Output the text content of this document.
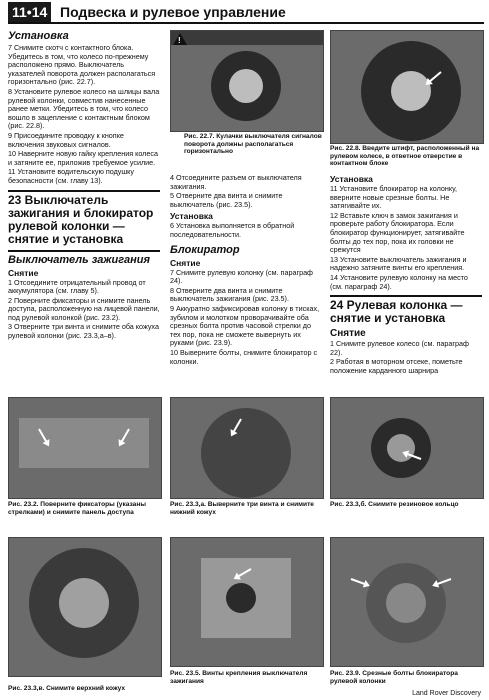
11•14 Подвеска и рулевое управление
Установка

7 Снимите скотч с контактного блока. Убедитесь в том, что колесо по-прежнему расположено прямо. Выключатель указателей поворота должен располагаться горизонтально (рис. 22.7).

8 Установите рулевое колесо на шлицы вала рулевой колонки, совместив нанесенные ранее метки. Убедитесь в том, что колесо вошло в зацепление с контактным блоком (рис. 22.8).

9 Присоедините проводку к кнопке включения звуковых сигналов.

10 Наверните новую гайку крепления колеса и затяните ее, приложив требуемое усилие.

11 Установите водительскую подушку безопасности (см. главу 13).

23 Выключатель зажигания и блокиратор рулевой колонки — снятие и установка
Выключатель зажигания
Снятие

1 Отсоедините отрицательный провод от аккумулятора (см. главу 5).

2 Поверните фиксаторы и снимите панель доступа, расположенную на лицевой панели, под рулевой колонкой (рис. 23.2).

3 Отверните три винта и снимите оба кожуха рулевой колонки (рис. 23.3,а–в).

!
Рис. 22.7. Кулачки выключателя сигналов поворота должны располагаться горизонтально

4 Отсоедините разъем от выключателя зажигания.

5 Отверните два винта и снимите выключатель (рис. 23.5).

Установка

6 Установка выполняется в обратной последовательности.

Блокиратор
Снятие

7 Снимите рулевую колонку (см. параграф 24).

8 Отверните два винта и снимите выключатель зажигания (рис. 23.5).

9 Аккуратно зафиксировав колонку в тисках, зубилом и молотком проворачивайте оба срезных болта против часовой стрелки до тех пор, пока не сможете вывернуть их руками (рис. 23.9).

10 Выверните болты, снимите блокиратор с колонки.

Рис. 22.8. Введите штифт, расположенный на рулевом колесе, в ответное отверстие в контактном блоке
Установка

11 Установите блокиратор на колонку, вверните новые срезные болты. Не затягивайте их.

12 Вставьте ключ в замок зажигания и проверьте работу блокиратора. Если блокиратор функционирует, затягивайте болты до тех пор, пока их головки не срежутся

13 Установите выключатель зажигания и надежно затяните винты его крепления.

14 Установите рулевую колонку на место (см. параграф 24).

24 Рулевая колонка — снятие и установка
Снятие

1 Снимите рулевое колесо (см. параграф 22).

2 Работая в моторном отсеке, пометьте положение карданного шарнира

Рис. 23.2. Поверните фиксаторы (указаны стрелками) и снимите панель доступа
Рис. 23.3,а. Выверните три винта и снимите нижний кожух
Рис. 23.3,б. Снимите резиновое кольцо
Рис. 23.3,в. Снимите верхний кожух
Рис. 23.5. Винты крепления выключателя зажигания
Рис. 23.9. Срезные болты блокиратора рулевой колонки
Land Rover Discovery
